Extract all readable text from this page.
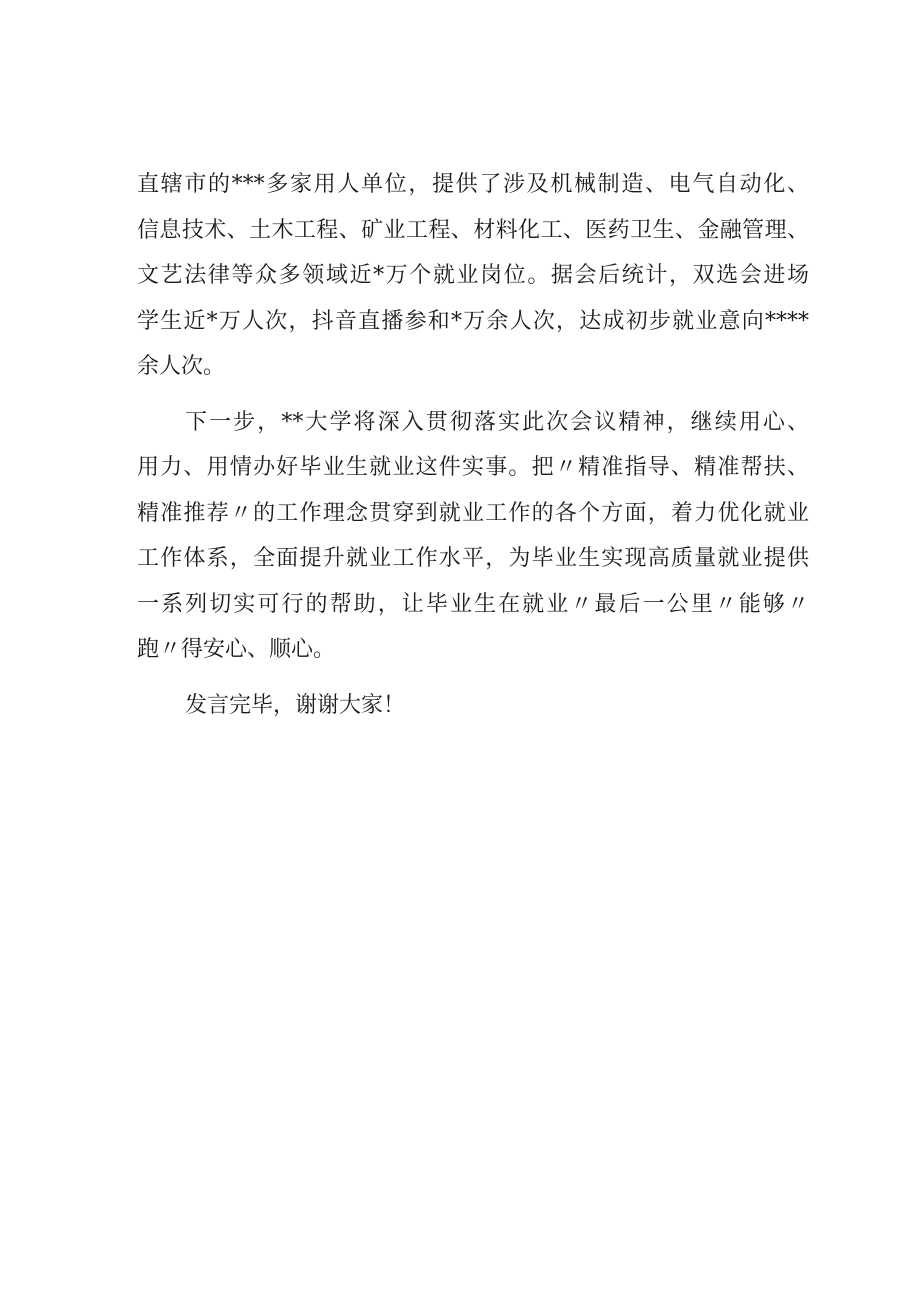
直辖市的***多家用人单位，提供了涉及机械制造、电气自动化、
信息技术、土木工程、矿业工程、材料化工、医药卫生、金融管理、
文艺法律等众多领域近*万个就业岗位。据会后统计，双选会进场
学生近*万人次，抖音直播参和*万余人次，达成初步就业意向****
余人次。
下一步，**大学将深入贯彻落实此次会议精神，继续用心、
用力、用情办好毕业生就业这件实事。把〃精准指导、精准帮扶、
精准推荐〃的工作理念贯穿到就业工作的各个方面，着力优化就业
工作体系，全面提升就业工作水平，为毕业生实现高质量就业提供
一系列切实可行的帮助，让毕业生在就业〃最后一公里〃能够〃
跑〃得安心、顺心。
发言完毕，谢谢大家！
